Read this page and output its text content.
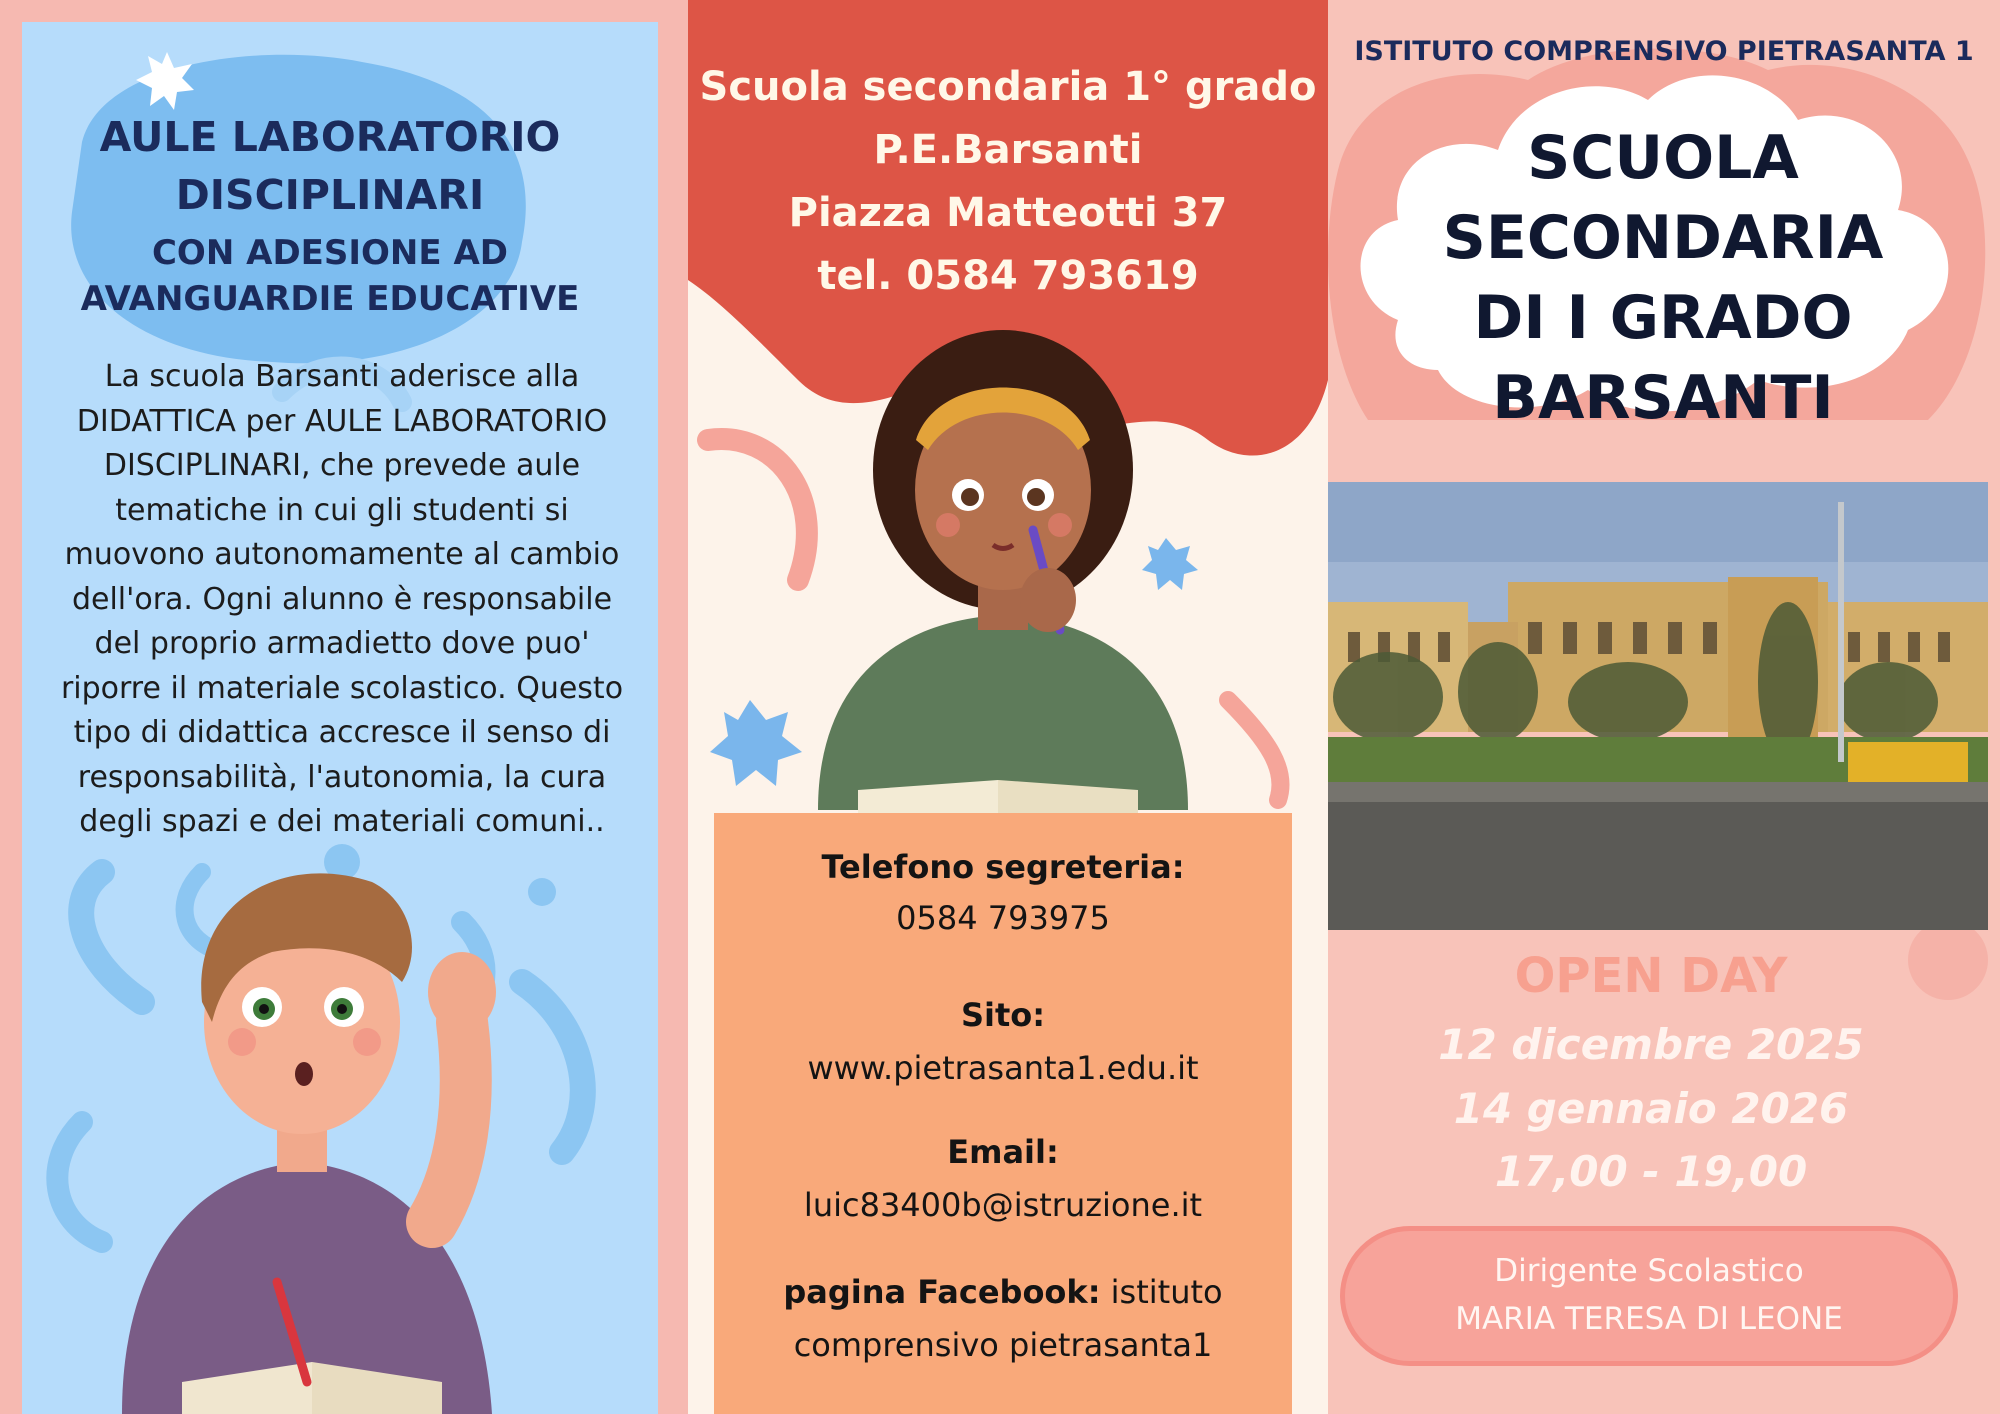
AULE LABORATORIO
DISCIPLINARI
CON ADESIONE AD
AVANGUARDIE EDUCATIVE
La scuola Barsanti aderisce alla
DIDATTICA per AULE LABORATORIO
DISCIPLINARI, che prevede aule
tematiche in cui gli studenti si
muovono autonomamente al cambio
dell'ora. Ogni alunno è responsabile
del proprio armadietto dove puo'
riporre il materiale scolastico. Questo
tipo di didattica accresce il senso di
responsabilità, l'autonomia, la cura
degli spazi e dei materiali comuni..
Scuola secondaria 1° grado
P.E.Barsanti
Piazza Matteotti 37
tel. 0584 793619
Telefono segreteria:
0584 793975
Sito:
www.pietrasanta1.edu.it
Email:
luic83400b@istruzione.it
pagina Facebook: istituto
comprensivo pietrasanta1
ISTITUTO COMPRENSIVO PIETRASANTA 1
SCUOLA
SECONDARIA
DI I GRADO
BARSANTI
OPEN DAY
12 dicembre 2025
14 gennaio 2026
17,00 - 19,00
Dirigente Scolastico
MARIA TERESA DI LEONE
